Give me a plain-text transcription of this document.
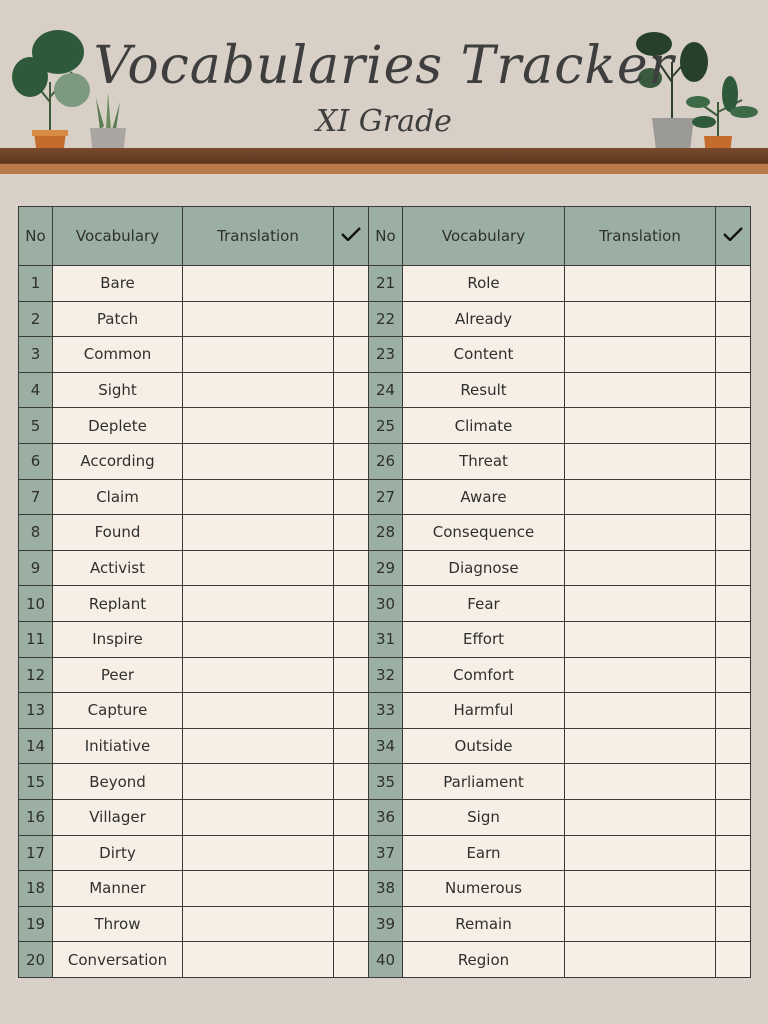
Vocabularies Tracker
XI Grade
No	Vocabulary	Translation		No	Vocabulary	Translation	
1	Bare			21	Role		
2	Patch			22	Already		
3	Common			23	Content		
4	Sight			24	Result		
5	Deplete			25	Climate		
6	According			26	Threat		
7	Claim			27	Aware		
8	Found			28	Consequence		
9	Activist			29	Diagnose		
10	Replant			30	Fear		
11	Inspire			31	Effort		
12	Peer			32	Comfort		
13	Capture			33	Harmful		
14	Initiative			34	Outside		
15	Beyond			35	Parliament		
16	Villager			36	Sign		
17	Dirty			37	Earn		
18	Manner			38	Numerous		
19	Throw			39	Remain		
20	Conversation			40	Region		
